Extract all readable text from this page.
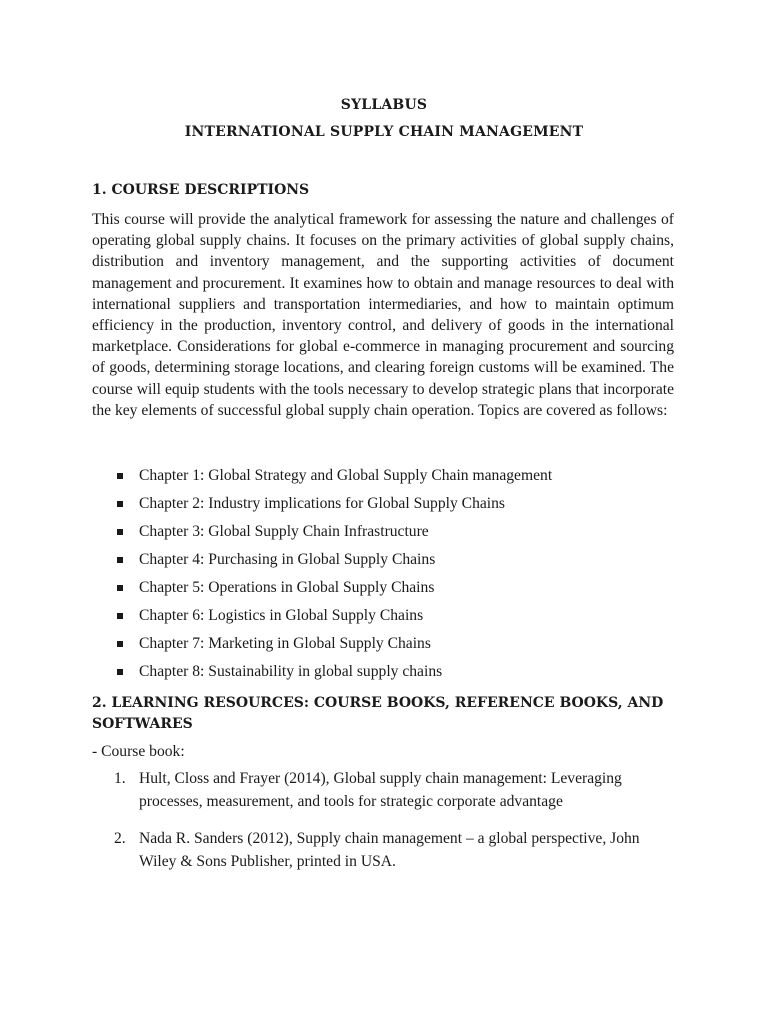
SYLLABUS
INTERNATIONAL SUPPLY CHAIN MANAGEMENT
1. COURSE DESCRIPTIONS

This course will provide the analytical framework for assessing the nature and challenges of operating global supply chains. It focuses on the primary activities of global supply chains, distribution and inventory management, and the supporting activities of document management and procurement. It examines how to obtain and manage resources to deal with international suppliers and transportation intermediaries, and how to maintain optimum efficiency in the production, inventory control, and delivery of goods in the international marketplace. Considerations for global e-commerce in managing procurement and sourcing of goods, determining storage locations, and clearing foreign customs will be examined. The course will equip students with the tools necessary to develop strategic plans that incorporate the key elements of successful global supply chain operation. Topics are covered as follows:

Chapter 1: Global Strategy and Global Supply Chain management
Chapter 2: Industry implications for Global Supply Chains
Chapter 3: Global Supply Chain Infrastructure
Chapter 4: Purchasing in Global Supply Chains
Chapter 5: Operations in Global Supply Chains
Chapter 6: Logistics in Global Supply Chains
Chapter 7: Marketing in Global Supply Chains
Chapter 8: Sustainability in global supply chains
2. LEARNING RESOURCES: COURSE BOOKS, REFERENCE BOOKS, AND SOFTWARES
- Course book:
1. Hult, Closs and Frayer (2014), Global supply chain management: Leveraging processes, measurement, and tools for strategic corporate advantage
2. Nada R. Sanders (2012), Supply chain management – a global perspective, John Wiley & Sons Publisher, printed in USA.
